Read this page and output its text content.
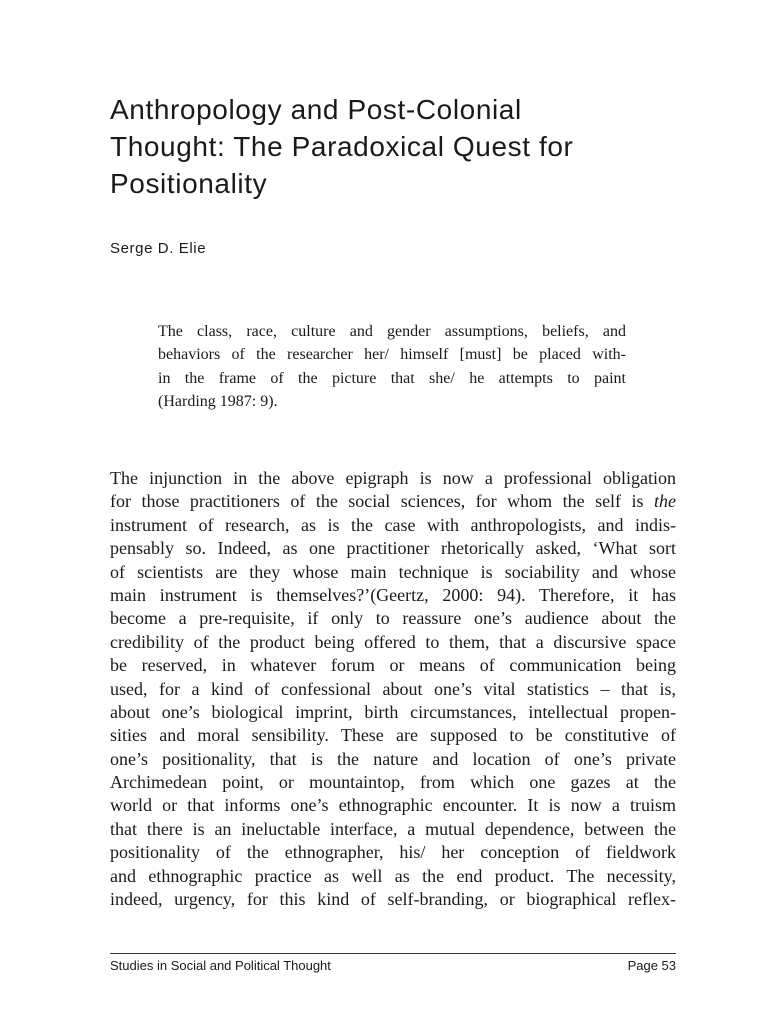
Anthropology and Post-Colonial
Thought: The Paradoxical Quest for
Positionality
Serge D. Elie
The class, race, culture and gender assumptions, beliefs, and
behaviors of the researcher her/ himself [must] be placed with-
in the frame of the picture that she/ he attempts to paint
(Harding 1987: 9).
The injunction in the above epigraph is now a professional obligation
for those practitioners of the social sciences, for whom the self is the
instrument of research, as is the case with anthropologists, and indis-
pensably so. Indeed, as one practitioner rhetorically asked, ‘What sort
of scientists are they whose main technique is sociability and whose
main instrument is themselves?’(Geertz, 2000: 94). Therefore, it has
become a pre-requisite, if only to reassure one’s audience about the
credibility of the product being offered to them, that a discursive space
be reserved, in whatever forum or means of communication being
used, for a kind of confessional about one’s vital statistics – that is,
about one’s biological imprint, birth circumstances, intellectual propen-
sities and moral sensibility. These are supposed to be constitutive of
one’s positionality, that is the nature and location of one’s private
Archimedean point, or mountaintop, from which one gazes at the
world or that informs one’s ethnographic encounter. It is now a truism
that there is an ineluctable interface, a mutual dependence, between the
positionality of the ethnographer, his/ her conception of fieldwork
and ethnographic practice as well as the end product. The necessity,
indeed, urgency, for this kind of self-branding, or biographical reflex-
Studies in Social and Political Thought	Page 53
